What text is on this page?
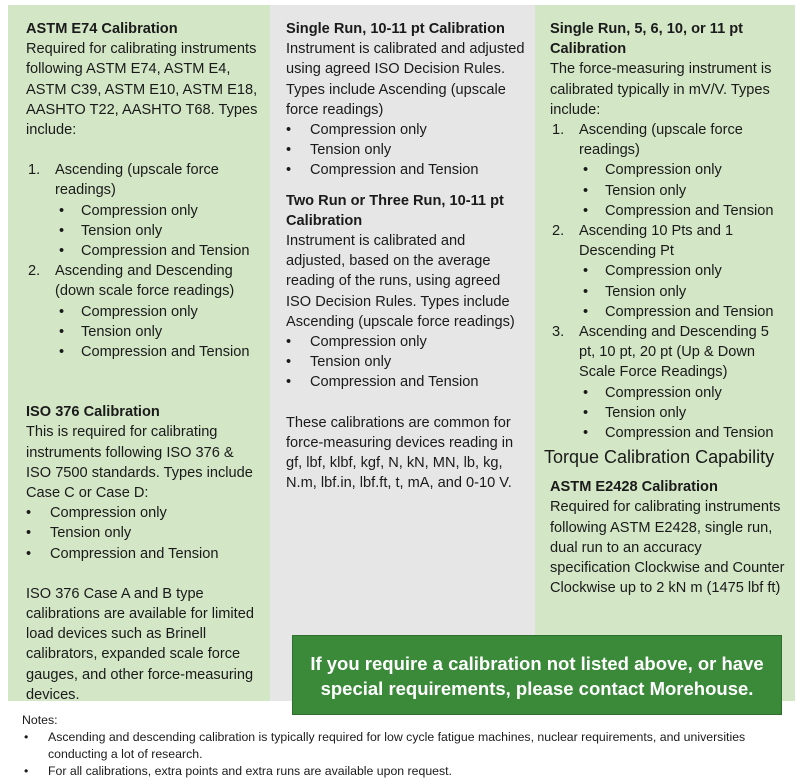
ASTM E74 Calibration

Required for calibrating instruments following ASTM E74, ASTM E4, ASTM C39, ASTM E10, ASTM E18, AASHTO T22, AASHTO T68. Types include:

1. Ascending (upscale force readings)
• Compression only
• Tension only
• Compression and Tension
2. Ascending and Descending (down scale force readings)
• Compression only
• Tension only
• Compression and Tension

ISO 376 Calibration

This is required for calibrating instruments following ISO 376 & ISO 7500 standards. Types include Case C or Case D:

• Compression only
• Tension only
• Compression and Tension

ISO 376 Case A and B type calibrations are available for limited load devices such as Brinell calibrators, expanded scale force gauges, and other force-measuring devices.

Single Run, 10-11 pt Calibration

Instrument is calibrated and adjusted using agreed ISO Decision Rules. Types include Ascending (upscale force readings)

• Compression only
• Tension only
• Compression and Tension

Two Run or Three Run, 10-11 pt Calibration

Instrument is calibrated and adjusted, based on the average reading of the runs, using agreed ISO Decision Rules. Types include Ascending (upscale force readings)

• Compression only
• Tension only
• Compression and Tension

These calibrations are common for force-measuring devices reading in gf, lbf, klbf, kgf, N, kN, MN, lb, kg, N.m, lbf.in, lbf.ft, t, mA, and 0-10 V.

Single Run, 5, 6, 10, or 11 pt Calibration

The force-measuring instrument is calibrated typically in mV/V. Types include:

1. Ascending (upscale force readings)
• Compression only
• Tension only
• Compression and Tension
2. Ascending 10 Pts and 1 Descending Pt
• Compression only
• Tension only
• Compression and Tension
3. Ascending and Descending 5 pt, 10 pt, 20 pt (Up & Down Scale Force Readings)
• Compression only
• Tension only
• Compression and Tension

Torque Calibration Capability

ASTM E2428 Calibration

Required for calibrating instruments following ASTM E2428, single run, dual run to an accuracy specification Clockwise and Counter Clockwise up to 2 kN m (1475 lbf ft)

If you require a calibration not listed above, or have special requirements, please contact Morehouse.

Notes:

• Ascending and descending calibration is typically required for low cycle fatigue machines, nuclear requirements, and universities conducting a lot of research.
• For all calibrations, extra points and extra runs are available upon request.
